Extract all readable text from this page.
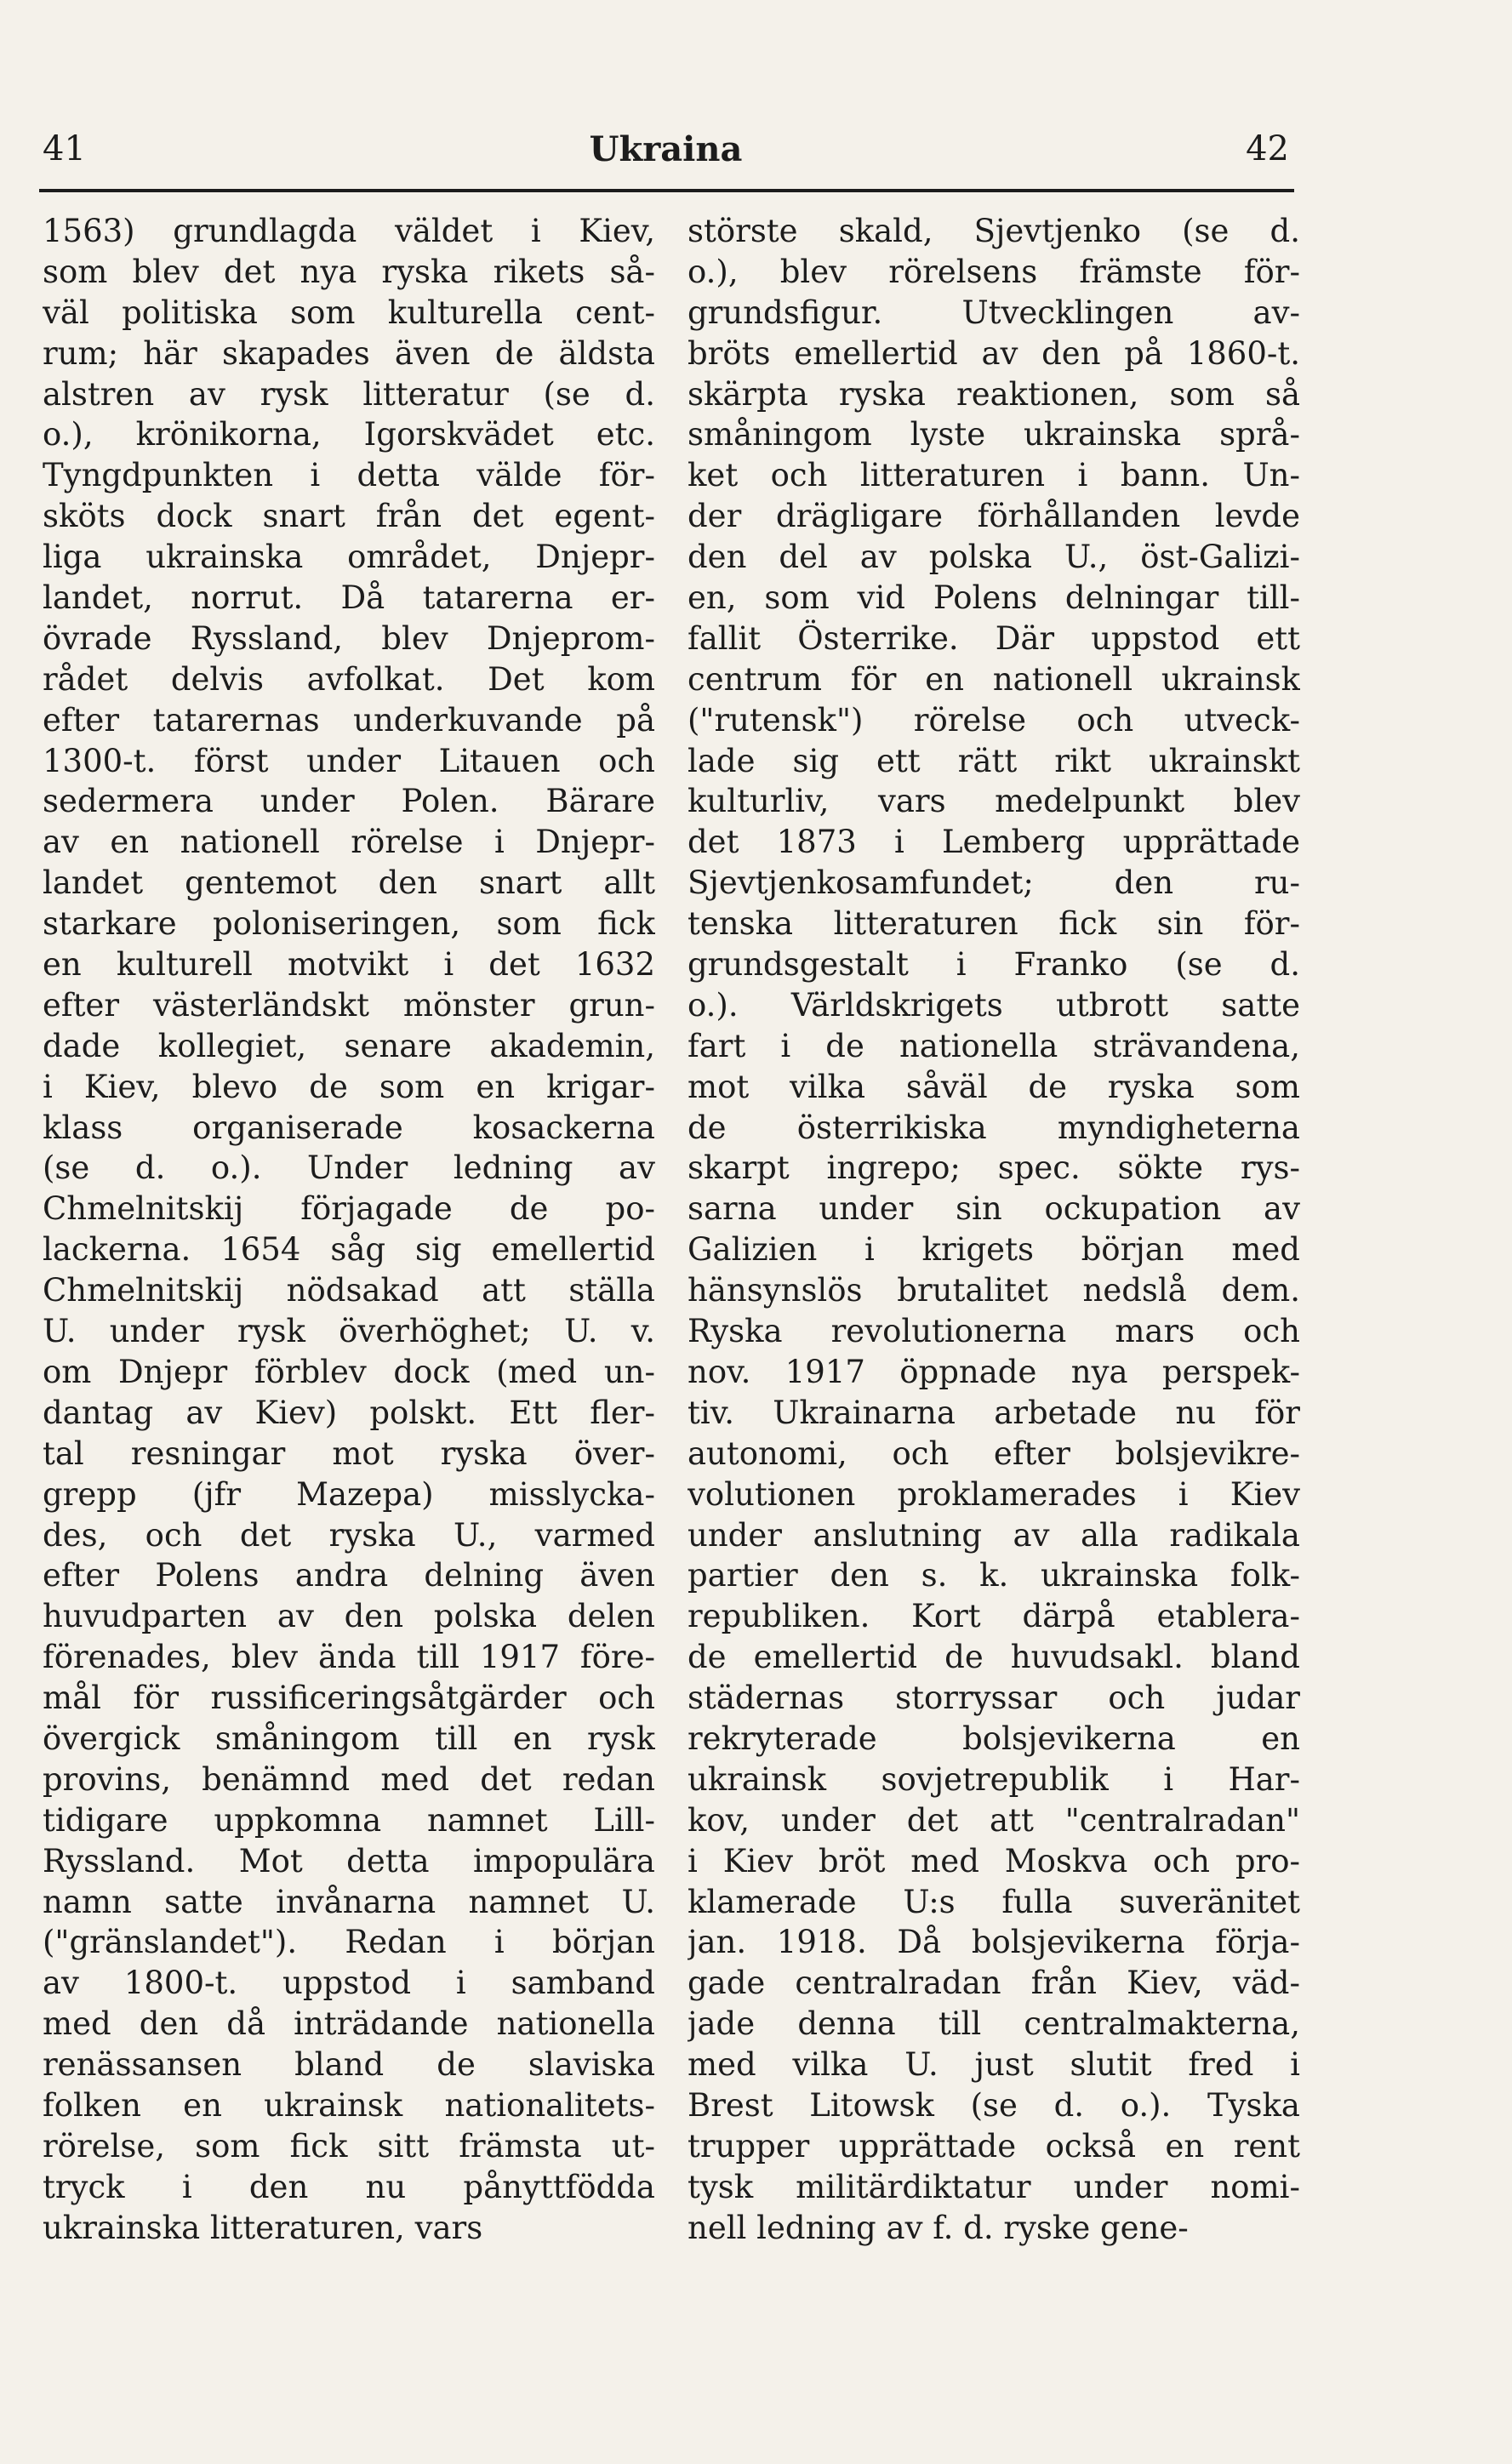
41	Ukraina	42
1563) grundlagda väldet i Kiev,
som blev det nya ryska rikets så-
väl politiska som kulturella cent-
rum; här skapades även de äldsta
alstren av rysk litteratur (se d.
o.), krönikorna, Igorskvädet etc.
Tyngdpunkten i detta välde för-
sköts dock snart från det egent-
liga ukrainska området, Dnjepr-
landet, norrut. Då tatarerna er-
övrade Ryssland, blev Dnjeprom-
rådet delvis avfolkat. Det kom
efter tatarernas underkuvande på
1300-t. först under Litauen och
sedermera under Polen. Bärare
av en nationell rörelse i Dnjepr-
landet gentemot den snart allt
starkare poloniseringen, som fick
en kulturell motvikt i det 1632
efter västerländskt mönster grun-
dade kollegiet, senare akademin,
i Kiev, blevo de som en krigar-
klass organiserade kosackerna
(se d. o.). Under ledning av
Chmelnitskij förjagade de po-
lackerna. 1654 såg sig emellertid
Chmelnitskij nödsakad att ställa
U. under rysk överhöghet; U. v.
om Dnjepr förblev dock (med un-
dantag av Kiev) polskt. Ett fler-
tal resningar mot ryska över-
grepp (jfr Mazepa) misslycka-
des, och det ryska U., varmed
efter Polens andra delning även
huvudparten av den polska delen
förenades, blev ända till 1917 före-
mål för russificeringsåtgärder och
övergick småningom till en rysk
provins, benämnd med det redan
tidigare uppkomna namnet Lill-
Ryssland. Mot detta impopulära
namn satte invånarna namnet U.
("gränslandet"). Redan i början
av 1800-t. uppstod i samband
med den då inträdande nationella
renässansen bland de slaviska
folken en ukrainsk nationalitets-
rörelse, som fick sitt främsta ut-
tryck i den nu pånyttfödda
ukrainska litteraturen, vars
störste skald, Sjevtjenko (se d.
o.), blev rörelsens främste för-
grundsfigur. Utvecklingen av-
bröts emellertid av den på 1860-t.
skärpta ryska reaktionen, som så
småningom lyste ukrainska språ-
ket och litteraturen i bann. Un-
der drägligare förhållanden levde
den del av polska U., öst-Galizi-
en, som vid Polens delningar till-
fallit Österrike. Där uppstod ett
centrum för en nationell ukrainsk
("rutensk") rörelse och utveck-
lade sig ett rätt rikt ukrainskt
kulturliv, vars medelpunkt blev
det 1873 i Lemberg upprättade
Sjevtjenkosamfundet; den ru-
tenska litteraturen fick sin för-
grundsgestalt i Franko (se d.
o.). Världskrigets utbrott satte
fart i de nationella strävandena,
mot vilka såväl de ryska som
de österrikiska myndigheterna
skarpt ingrepo; spec. sökte rys-
sarna under sin ockupation av
Galizien i krigets början med
hänsynslös brutalitet nedslå dem.
Ryska revolutionerna mars och
nov. 1917 öppnade nya perspek-
tiv. Ukrainarna arbetade nu för
autonomi, och efter bolsjevikre-
volutionen proklamerades i Kiev
under anslutning av alla radikala
partier den s. k. ukrainska folk-
republiken. Kort därpå etablera-
de emellertid de huvudsakl. bland
städernas storryssar och judar
rekryterade bolsjevikerna en
ukrainsk sovjetrepublik i Har-
kov, under det att "centralradan"
i Kiev bröt med Moskva och pro-
klamerade U:s fulla suveränitet
jan. 1918. Då bolsjevikerna förja-
gade centralradan från Kiev, väd-
jade denna till centralmakterna,
med vilka U. just slutit fred i
Brest Litowsk (se d. o.). Tyska
trupper upprättade också en rent
tysk militärdiktatur under nomi-
nell ledning av f. d. ryske gene-
